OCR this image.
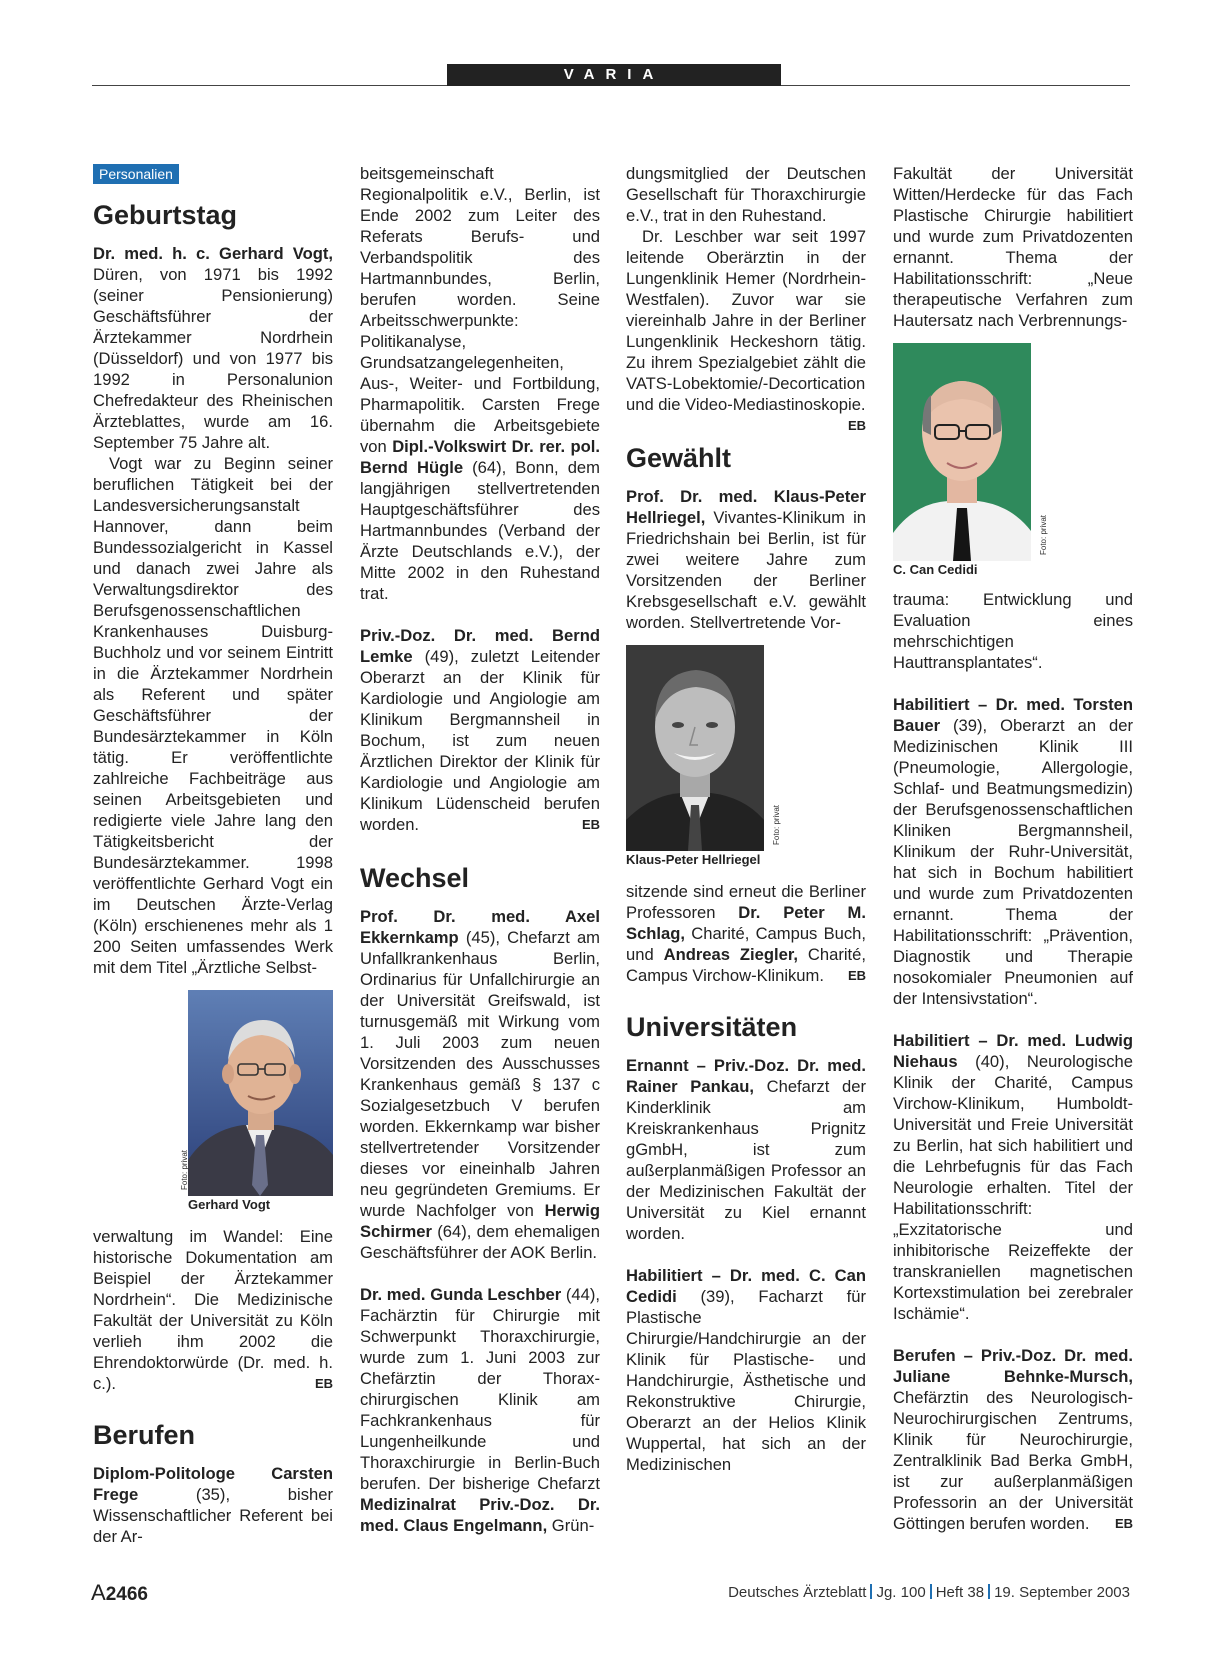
VARIA
Personalien
Geburtstag

Dr. med. h. c. Gerhard Vogt, Düren, von 1971 bis 1992 (seiner Pensionierung) Geschäftsführer der Ärztekammer Nordrhein (Düsseldorf) und von 1977 bis 1992 in Personalunion Chefredakteur des Rheinischen Ärzteblattes, wurde am 16. September 75 Jahre alt.

Vogt war zu Beginn seiner beruflichen Tätigkeit bei der Landesversicherungsanstalt Hannover, dann beim Bundessozialgericht in Kassel und danach zwei Jahre als Verwaltungsdirektor des Berufsgenossenschaftlichen Krankenhauses Duisburg-Buchholz und vor seinem Eintritt in die Ärztekammer Nordrhein als Referent und später Geschäftsführer der Bundesärztekammer in Köln tätig. Er veröffentlichte zahlreiche Fachbeiträge aus seinen Arbeitsgebieten und redigierte viele Jahre lang den Tätigkeitsbericht der Bundesärztekammer. 1998 veröffentlichte Gerhard Vogt ein im Deutschen Ärzte-Verlag (Köln) erschienenes mehr als 1 200 Seiten umfassendes Werk mit dem Titel „Ärztliche Selbst-

Foto: privat
Gerhard Vogt

verwaltung im Wandel: Eine historische Dokumentation am Beispiel der Ärztekammer Nordrhein“. Die Medizinische Fakultät der Universität zu Köln verlieh ihm 2002 die Ehrendoktorwürde (Dr. med. h. c.).	EB

Berufen

Diplom-Politologe Carsten Frege (35), bisher Wissenschaftlicher Referent bei der Ar-

beitsgemeinschaft Regionalpolitik e.V., Berlin, ist Ende 2002 zum Leiter des Referats Berufs- und Verbandspolitik des Hartmannbundes, Berlin, berufen worden. Seine Arbeitsschwerpunkte: Politikanalyse, Grundsatzangelegenheiten, Aus-, Weiter- und Fortbildung, Pharmapolitik. Carsten Frege übernahm die Arbeitsgebiete von Dipl.-Volkswirt Dr. rer. pol. Bernd Hügle (64), Bonn, dem langjährigen stellvertretenden Hauptgeschäftsführer des Hartmannbundes (Verband der Ärzte Deutschlands e.V.), der Mitte 2002 in den Ruhestand trat.

Priv.-Doz. Dr. med. Bernd Lemke (49), zuletzt Leitender Oberarzt an der Klinik für Kardiologie und Angiologie am Klinikum Bergmannsheil in Bochum, ist zum neuen Ärztlichen Direktor der Klinik für Kardiologie und Angiologie am Klinikum Lüdenscheid berufen worden.	EB

Wechsel

Prof. Dr. med. Axel Ekkernkamp (45), Chefarzt am Unfallkrankenhaus Berlin, Ordinarius für Unfallchirurgie an der Universität Greifswald, ist turnusgemäß mit Wirkung vom 1. Juli 2003 zum neuen Vorsitzenden des Ausschusses Krankenhaus gemäß § 137 c Sozialgesetzbuch V berufen worden. Ekkernkamp war bisher stellvertretender Vorsitzender dieses vor eineinhalb Jahren neu gegründeten Gremiums. Er wurde Nachfolger von Herwig Schirmer (64), dem ehemaligen Geschäftsführer der AOK Berlin.

Dr. med. Gunda Leschber (44), Fachärztin für Chirurgie mit Schwerpunkt Thoraxchirurgie, wurde zum 1. Juni 2003 zur Chefärztin der Thorax-chirurgischen Klinik am Fachkrankenhaus für Lungenheilkunde und Thoraxchirurgie in Berlin-Buch berufen. Der bisherige Chefarzt Medizinalrat Priv.-Doz. Dr. med. Claus Engelmann, Grün-

dungsmitglied der Deutschen Gesellschaft für Thoraxchirurgie e.V., trat in den Ruhestand.

Dr. Leschber war seit 1997 leitende Oberärztin in der Lungenklinik Hemer (Nordrhein-Westfalen). Zuvor war sie viereinhalb Jahre in der Berliner Lungenklinik Heckeshorn tätig. Zu ihrem Spezialgebiet zählt die VATS-Lobektomie/-Decortication und die Video-Mediastinoskopie.
EB

Gewählt

Prof. Dr. med. Klaus-Peter Hellriegel, Vivantes-Klinikum in Friedrichshain bei Berlin, ist für zwei weitere Jahre zum Vorsitzenden der Berliner Krebsgesellschaft e.V. gewählt worden. Stellvertretende Vor-

Foto: privat
Klaus-Peter Hellriegel

sitzende sind erneut die Berliner Professoren Dr. Peter M. Schlag, Charité, Campus Buch, und Andreas Ziegler, Charité, Campus Virchow-Klinikum. EB

Universitäten

Ernannt – Priv.-Doz. Dr. med. Rainer Pankau, Chefarzt der Kinderklinik am Kreiskrankenhaus Prignitz gGmbH, ist zum außerplanmäßigen Professor an der Medizinischen Fakultät der Universität zu Kiel ernannt worden.

Habilitiert – Dr. med. C. Can Cedidi (39), Facharzt für Plastische Chirurgie/Handchirurgie an der Klinik für Plastische- und Handchirurgie, Ästhetische und Rekonstruktive Chirurgie, Oberarzt an der Helios Klinik Wuppertal, hat sich an der Medizinischen

Fakultät der Universität Witten/Herdecke für das Fach Plastische Chirurgie habilitiert und wurde zum Privatdozenten ernannt. Thema der Habilitationsschrift: „Neue therapeutische Verfahren zum Hautersatz nach Verbrennungs-

Foto: privat
C. Can Cedidi

trauma: Entwicklung und Evaluation eines mehrschichtigen Hauttransplantates“.

Habilitiert – Dr. med. Torsten Bauer (39), Oberarzt an der Medizinischen Klinik III (Pneumologie, Allergologie, Schlaf- und Beatmungsmedizin) der Berufsgenossenschaftlichen Kliniken Bergmannsheil, Klinikum der Ruhr-Universität, hat sich in Bochum habilitiert und wurde zum Privatdozenten ernannt. Thema der Habilitationsschrift: „Prävention, Diagnostik und Therapie nosokomialer Pneumonien auf der Intensivstation“.

Habilitiert – Dr. med. Ludwig Niehaus (40), Neurologische Klinik der Charité, Campus Virchow-Klinikum, Humboldt-Universität und Freie Universität zu Berlin, hat sich habilitiert und die Lehrbefugnis für das Fach Neurologie erhalten. Titel der Habilitationsschrift: „Exzitatorische und inhibitorische Reizeffekte der transkraniellen magnetischen Kortexstimulation bei zerebraler Ischämie“.

Berufen – Priv.-Doz. Dr. med. Juliane Behnke-Mursch, Chefärztin des Neurologisch-Neurochirurgischen Zentrums, Klinik für Neurochirurgie, Zentralklinik Bad Berka GmbH, ist zur außerplanmäßigen Professorin an der Universität Göttingen berufen worden. EB

A2466	Deutsches Ärzteblatt Jg. 100 Heft 38 19. September 2003
